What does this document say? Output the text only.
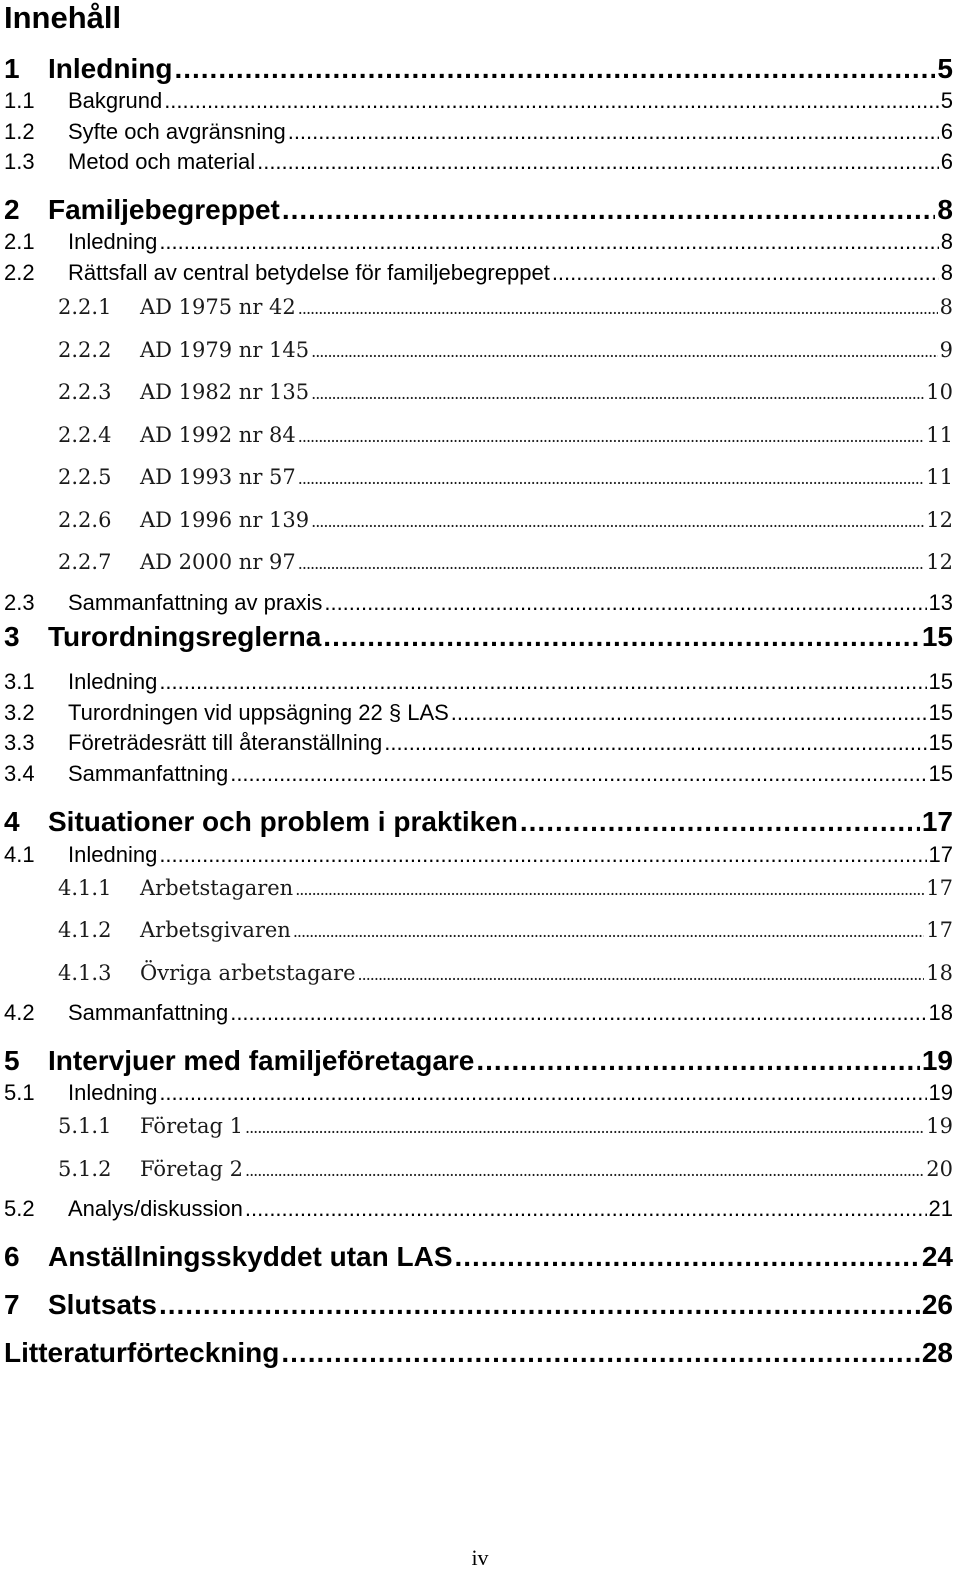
Innehåll
1	Inledning .....	5
1.1	Bakgrund .....	5
1.2	Syfte och avgränsning .....	6
1.3	Metod och material .....	6
2	Familjebegreppet .....	8
2.1	Inledning .....	8
2.2	Rättsfall av central betydelse för familjebegreppet .....	8
2.2.1	AD 1975 nr 42 .....	8
2.2.2	AD 1979 nr 145 .....	9
2.2.3	AD 1982 nr 135 .....	10
2.2.4	AD 1992 nr 84 .....	11
2.2.5	AD 1993 nr 57 .....	11
2.2.6	AD 1996 nr 139 .....	12
2.2.7	AD 2000 nr 97 .....	12
2.3	Sammanfattning av praxis .....	13
3	Turordningsreglerna .....	15
3.1	Inledning .....	15
3.2	Turordningen vid uppsägning 22 § LAS .....	15
3.3	Företrädesrätt till återanställning .....	15
3.4	Sammanfattning .....	15
4	Situationer och problem i praktiken .....	17
4.1	Inledning .....	17
4.1.1	Arbetstagaren .....	17
4.1.2	Arbetsgivaren .....	17
4.1.3	Övriga arbetstagare .....	18
4.2	Sammanfattning .....	18
5	Intervjuer med familjeföretagare .....	19
5.1	Inledning .....	19
5.1.1	Företag 1 .....	19
5.1.2	Företag 2 .....	20
5.2	Analys/diskussion .....	21
6	Anställningsskyddet utan LAS .....	24
7	Slutsats .....	26
Litteraturförteckning .....	28
iv
